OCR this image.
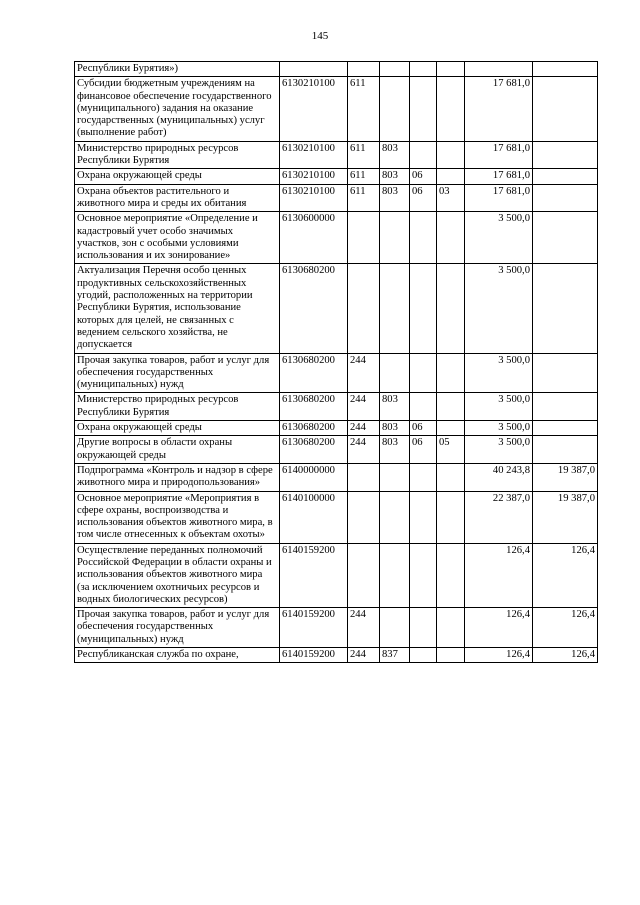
145
Республики Бурятия»)							
Субсидии бюджетным учреждениям на финансовое обеспечение государственного (муниципального) задания на оказание государственных (муниципальных) услуг (выполнение работ)	6130210100	611				17 681,0	
Министерство природных ресурсов Республики Бурятия	6130210100	611	803			17 681,0	
Охрана окружающей среды	6130210100	611	803	06		17 681,0	
Охрана объектов растительного и животного мира и среды их обитания	6130210100	611	803	06	03	17 681,0	
Основное мероприятие «Определение и кадастровый учет особо значимых участков, зон с особыми условиями использования и их зонирование»	6130600000					3 500,0	
Актуализация Перечня особо ценных продуктивных сельскохозяйственных угодий, расположенных на территории Республики Бурятия, использование которых для целей, не связанных с ведением сельского хозяйства, не допускается	6130680200					3 500,0	
Прочая закупка товаров, работ и услуг для обеспечения государственных (муниципальных) нужд	6130680200	244				3 500,0	
Министерство природных ресурсов Республики Бурятия	6130680200	244	803			3 500,0	
Охрана окружающей среды	6130680200	244	803	06		3 500,0	
Другие вопросы в области охраны окружающей среды	6130680200	244	803	06	05	3 500,0	
Подпрограмма «Контроль и надзор в сфере животного мира и природопользования»	6140000000					40 243,8	19 387,0
Основное мероприятие «Мероприятия в сфере охраны, воспроизводства и использования объектов животного мира, в том числе отнесенных к объектам охоты»	6140100000					22 387,0	19 387,0
Осуществление переданных полномочий Российской Федерации в области охраны и использования объектов животного мира (за исключением охотничьих ресурсов и водных биологических ресурсов)	6140159200					126,4	126,4
Прочая закупка товаров, работ и услуг для обеспечения государственных (муниципальных) нужд	6140159200	244				126,4	126,4
Республиканская служба по охране,	6140159200	244	837			126,4	126,4
